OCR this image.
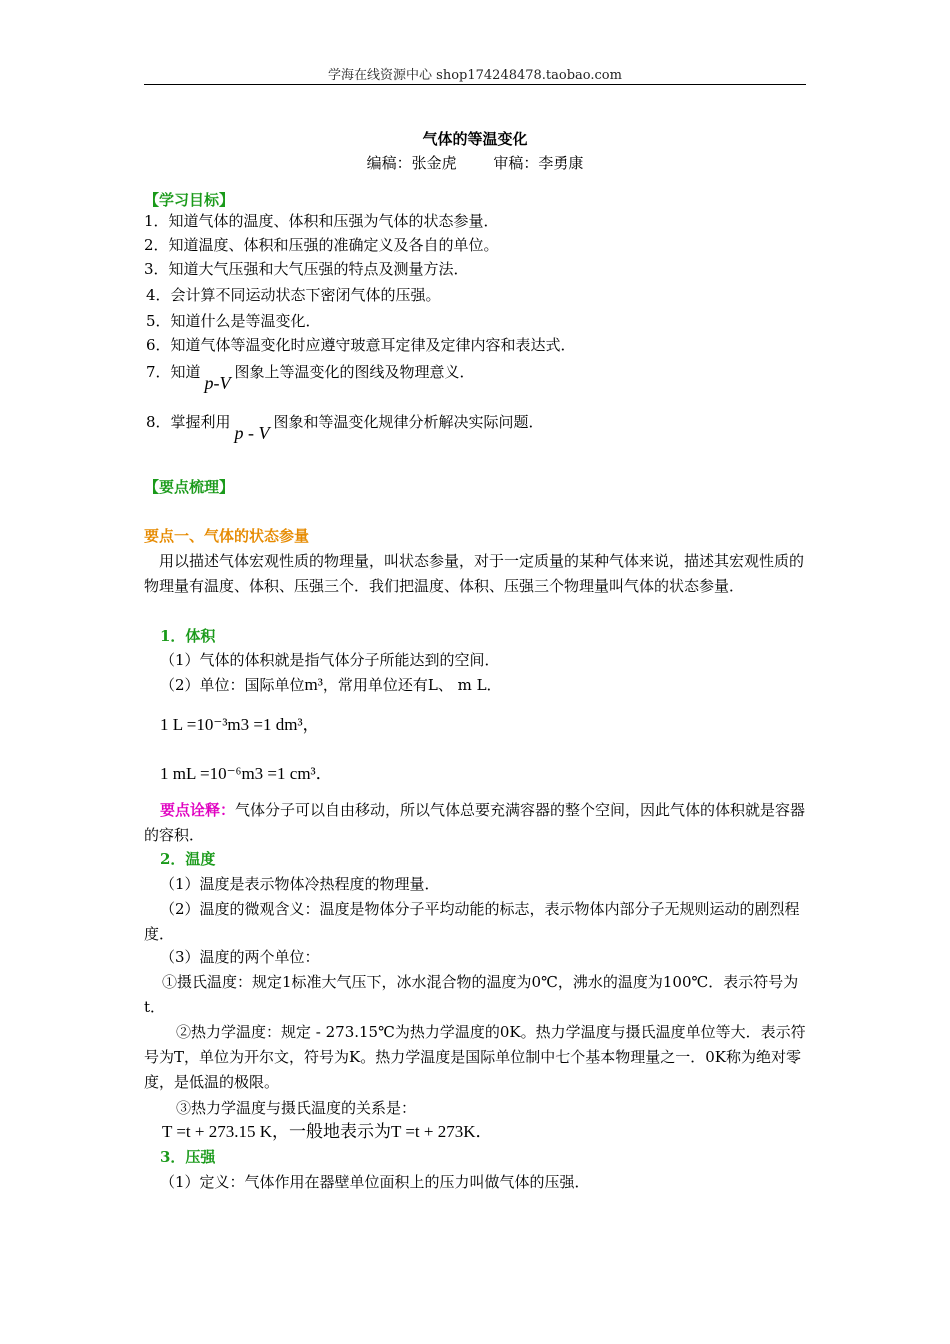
学海在线资源中心 shop174248478.taobao.com
气体的等温变化
编稿：张金虎 审稿：李勇康
【学习目标】
1．知道气体的温度、体积和压强为气体的状态参量．
2．知道温度、体积和压强的准确定义及各自的单位。
3．知道大气压强和大气压强的特点及测量方法．
4．会计算不同运动状态下密闭气体的压强。
5．知道什么是等温变化．
6．知道气体等温变化时应遵守玻意耳定律及定律内容和表达式．
7．知道p-V图象上等温变化的图线及物理意义．
8．掌握利用p - V图象和等温变化规律分析解决实际问题．
【要点梳理】
要点一、气体的状态参量
用以描述气体宏观性质的物理量，叫状态参量，对于一定质量的某种气体来说，描述其宏观性质的物理量有温度、体积、压强三个．我们把温度、体积、压强三个物理量叫气体的状态参量．
1．体积
（1）气体的体积就是指气体分子所能达到的空间．
（2）单位：国际单位m³，常用单位还有L、 m L．
1 L =10⁻³m3 =1 dm³，
1 mL =10⁻⁶m3 =1 cm³．
要点诠释：气体分子可以自由移动，所以气体总要充满容器的整个空间，因此气体的体积就是容器的容积．
2．温度
（1）温度是表示物体冷热程度的物理量．
（2）温度的微观含义：温度是物体分子平均动能的标志，表示物体内部分子无规则运动的剧烈程度．
（3）温度的两个单位：
①摄氏温度：规定1标准大气压下，冰水混合物的温度为0℃，沸水的温度为100℃．表示符号为t．
②热力学温度：规定 - 273.15℃为热力学温度的0K。热力学温度与摄氏温度单位等大．表示符号为T，单位为开尔文，符号为K。热力学温度是国际单位制中七个基本物理量之一．0K称为绝对零度，是低温的极限。
③热力学温度与摄氏温度的关系是：
T =t + 273.15 K，一般地表示为T =t + 273K．
3．压强
（1）定义：气体作用在器壁单位面积上的压力叫做气体的压强．
